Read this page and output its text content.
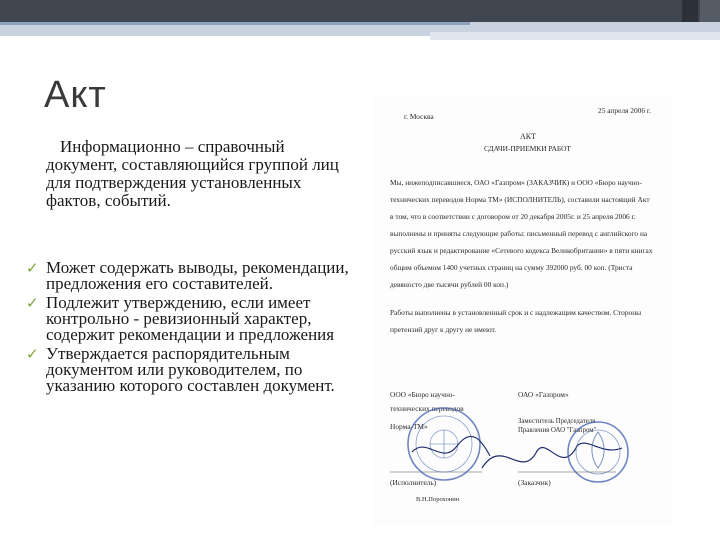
Акт
Информационно – справочный документ, составляющийся группой лиц для подтверждения установленных фактов, событий.
✓ Может содержать выводы, рекомендации, предложения его составителей.
✓ Подлежит утверждению, если имеет контрольно - ревизионный характер, содержит рекомендации и предложения
✓ Утверждается распорядительным документом или руководителем, по указанию которого составлен документ.
г. Москва
25 апреля 2006 г.
АКТ
СДАЧИ-ПРИЕМКИ РАБОТ
Мы, нижеподписавшиеся, ОАО «Газпром» (ЗАКАЗЧИК) и ООО «Бюро научно-
технических переводов Норма ТМ» (ИСПОЛНИТЕЛЬ), составили настоящий Акт
в том, что в соответствии с договором от 20 декабря 2005г. и 25 апреля 2006 г.
выполнены и приняты следующие работы: письменный перевод с английского на
русский язык и редактирование «Сетевого кодекса Великобритании» в пяти книгах
общим объемом 1400 учетных страниц на сумму 392000 руб. 00 коп. (Триста
девяносто две тысячи рублей 00 коп.)
Работы выполнены в установленный срок и с надлежащим качеством. Стороны
претензий друг к другу не имеют.
ООО «Бюро научно-
технических переводов
Норма-ТМ»
(Исполнитель)
В.Н.Порохонин
ОАО «Газпром»
Заместитель Председателя
Правления ОАО "Газпром"
(Заказчик)
